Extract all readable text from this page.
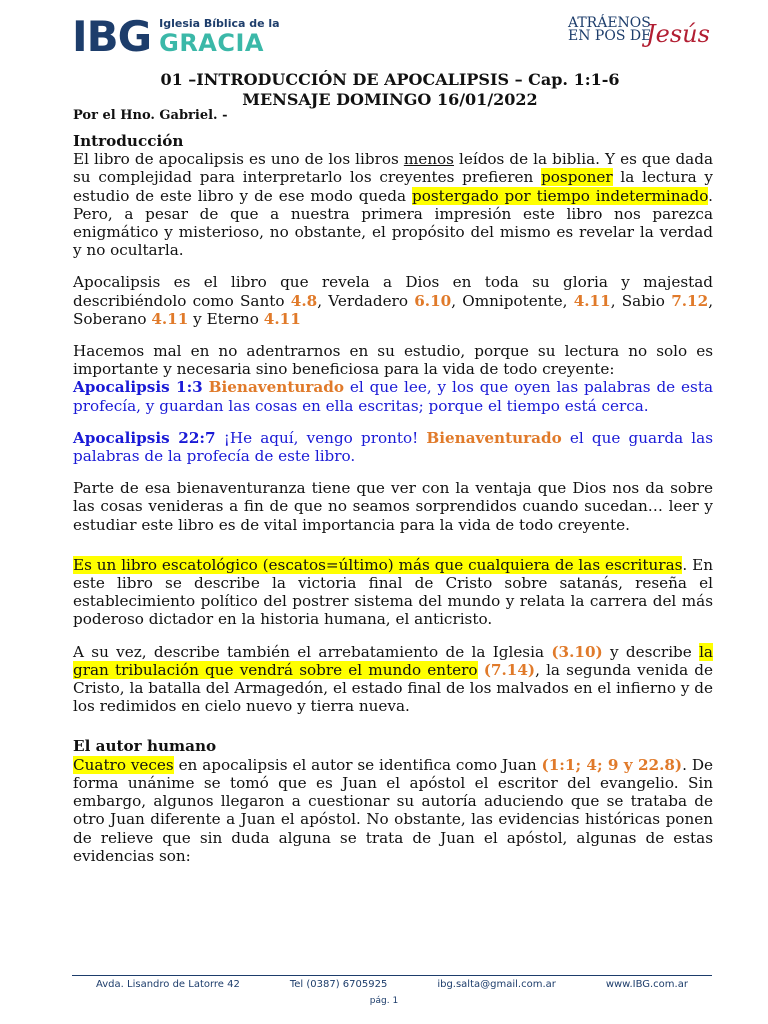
IBG Iglesia Bíblica de la
GRACIA
ATRÁENOS
EN POS DE
Jesús
01 –INTRODUCCIÓN DE APOCALIPSIS – Cap. 1:1-6
MENSAJE DOMINGO 16/01/2022
Por el Hno. Gabriel. -
Introducción

El libro de apocalipsis es uno de los libros menos leídos de la biblia. Y es que dada su complejidad para interpretarlo los creyentes prefieren posponer la lectura y estudio de este libro y de ese modo queda postergado por tiempo indeterminado. Pero, a pesar de que a nuestra primera impresión este libro nos parezca enigmático y misterioso, no obstante, el propósito del mismo es revelar la verdad y no ocultarla.

Apocalipsis es el libro que revela a Dios en toda su gloria y majestad describiéndolo como Santo 4.8, Verdadero 6.10, Omnipotente, 4.11, Sabio 7.12, Soberano 4.11 y Eterno 4.11

Hacemos mal en no adentrarnos en su estudio, porque su lectura no solo es importante y necesaria sino beneficiosa para la vida de todo creyente:
Apocalipsis 1:3 Bienaventurado el que lee, y los que oyen las palabras de esta profecía, y guardan las cosas en ella escritas; porque el tiempo está cerca.

Apocalipsis 22:7 ¡He aquí, vengo pronto! Bienaventurado el que guarda las palabras de la profecía de este libro.

Parte de esa bienaventuranza tiene que ver con la ventaja que Dios nos da sobre las cosas venideras a fin de que no seamos sorprendidos cuando sucedan… leer y estudiar este libro es de vital importancia para la vida de todo creyente.

Es un libro escatológico (escatos=último) más que cualquiera de las escrituras. En este libro se describe la victoria final de Cristo sobre satanás, reseña el establecimiento político del postrer sistema del mundo y relata la carrera del más poderoso dictador en la historia humana, el anticristo.

A su vez, describe también el arrebatamiento de la Iglesia (3.10) y describe la gran tribulación que vendrá sobre el mundo entero (7.14), la segunda venida de Cristo, la batalla del Armagedón, el estado final de los malvados en el infierno y de los redimidos en cielo nuevo y tierra nueva.

El autor humano

Cuatro veces en apocalipsis el autor se identifica como Juan (1:1; 4; 9 y 22.8). De forma unánime se tomó que es Juan el apóstol el escritor del evangelio. Sin embargo, algunos llegaron a cuestionar su autoría aduciendo que se trataba de otro Juan diferente a Juan el apóstol. No obstante, las evidencias históricas ponen de relieve que sin duda alguna se trata de Juan el apóstol, algunas de estas evidencias son:

Avda. Lisandro de Latorre 42	Tel (0387) 6705925	ibg.salta@gmail.com.ar	www.IBG.com.ar
pág. 1
